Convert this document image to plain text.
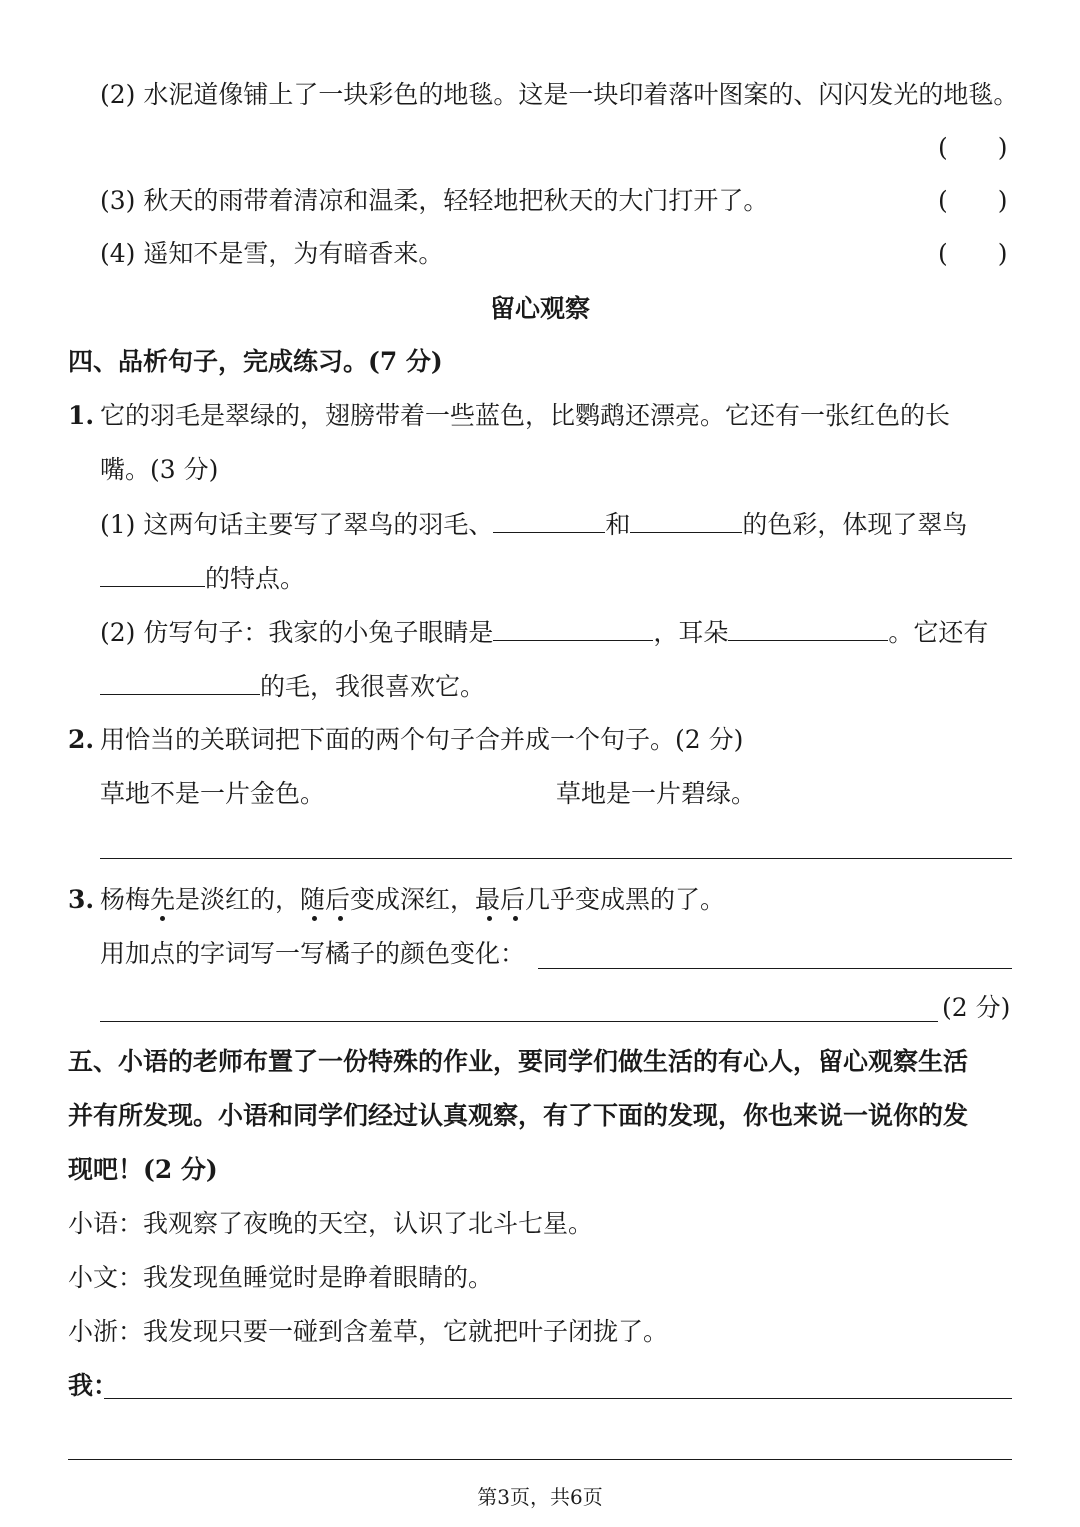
(2) 水泥道像铺上了一块彩色的地毯。这是一块印着落叶图案的、闪闪发光的地毯。
(　　)
(3) 秋天的雨带着清凉和温柔，轻轻地把秋天的大门打开了。	(　　)
(4) 遥知不是雪，为有暗香来。	(　　)
留心观察
四、品析句子，完成练习。(7 分)
1. 它的羽毛是翠绿的，翅膀带着一些蓝色，比鹦鹉还漂亮。它还有一张红色的长
嘴。(3 分)
(1) 这两句话主要写了翠鸟的羽毛、	和	的色彩，体现了翠鸟
的特点。
(2) 仿写句子：我家的小兔子眼睛是	，耳朵	。它还有
的毛，我很喜欢它。
2. 用恰当的关联词把下面的两个句子合并成一个句子。(2 分)
草地不是一片金色。	草地是一片碧绿。
3. 杨梅先是淡红的，随后变成深红，最后几乎变成黑的了。
用加点的字词写一写橘子的颜色变化：
(2 分)
五、小语的老师布置了一份特殊的作业，要同学们做生活的有心人，留心观察生活
并有所发现。小语和同学们经过认真观察，有了下面的发现，你也来说一说你的发
现吧！(2 分)
小语：我观察了夜晚的天空，认识了北斗七星。
小文：我发现鱼睡觉时是睁着眼睛的。
小浙：我发现只要一碰到含羞草，它就把叶子闭拢了。
我：
第3页，共6页
